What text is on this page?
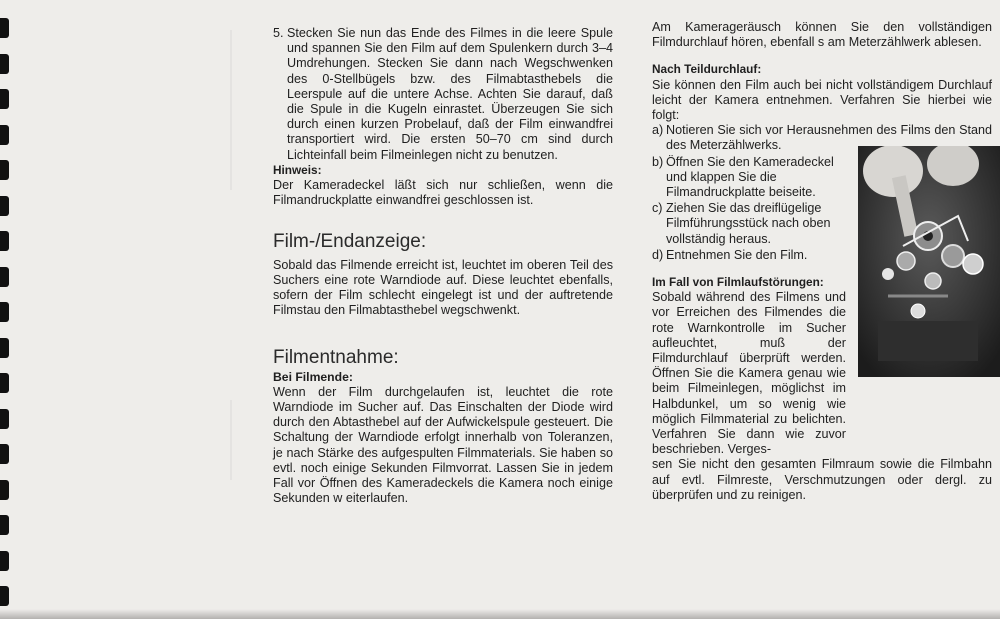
5. Stecken Sie nun das Ende des Filmes in die leere Spule und spannen Sie den Film auf dem Spulenkern durch 3–4 Umdrehungen. Stecken Sie dann nach Wegschwenken des 0-Stellbügels bzw. des Filmabtasthebels die Leerspule auf die untere Achse. Achten Sie darauf, daß die Spule in die Kugeln einrastet. Überzeugen Sie sich durch einen kurzen Probelauf, daß der Film einwandfrei transportiert wird. Die ersten 50–70 cm sind durch Lichteinfall beim Filmeinlegen nicht zu benutzen.

Hinweis:

Der Kameradeckel läßt sich nur schließen, wenn die Filmandruckplatte einwandfrei geschlossen ist.

Film-/Endanzeige:

Sobald das Filmende erreicht ist, leuchtet im oberen Teil des Suchers eine rote Warndiode auf. Diese leuchtet ebenfalls, sofern der Film schlecht eingelegt ist und der auftretende Filmstau den Filmabtasthebel wegschwenkt.

Filmentnahme:

Bei Filmende:

Wenn der Film durchgelaufen ist, leuchtet die rote Warndiode im Sucher auf. Das Einschalten der Diode wird durch den Abtasthebel auf der Aufwickelspule gesteuert. Die Schaltung der Warndiode erfolgt innerhalb von Toleranzen, je nach Stärke des aufgespulten Filmmaterials. Sie haben so evtl. noch einige Sekunden Filmvorrat. Lassen Sie in jedem Fall vor Öffnen des Kameradeckels die Kamera noch einige Sekunden w eiterlaufen.

Am Kamerageräusch können Sie den vollständigen Filmdurchlauf hören, ebenfall s am Meterzählwerk ablesen.

Nach Teildurchlauf:

Sie können den Film auch bei nicht vollständigem Durchlauf leicht der Kamera entnehmen. Verfahren Sie hierbei wie folgt:

a) Notieren Sie sich vor Herausnehmen des Films den Stand des Meterzählwerks.
b) Öffnen Sie den Kameradeckel und klappen Sie die Filmandruckplatte beiseite.
c) Ziehen Sie das dreiflügelige Filmführungsstück nach oben vollständig heraus.
d) Entnehmen Sie den Film.

Im Fall von Filmlaufstörungen:

Sobald während des Filmens und vor Erreichen des Filmendes die rote Warnkontrolle im Sucher aufleuchtet, muß der Filmdurchlauf überprüft werden. Öffnen Sie die Kamera genau wie beim Filmeinlegen, möglichst im Halbdunkel, um so wenig wie möglich Filmmaterial zu belichten. Verfahren Sie dann wie zuvor beschrieben. Verges-

sen Sie nicht den gesamten Filmraum sowie die Filmbahn auf evtl. Filmreste, Verschmutzungen oder dergl. zu überprüfen und zu reinigen.
